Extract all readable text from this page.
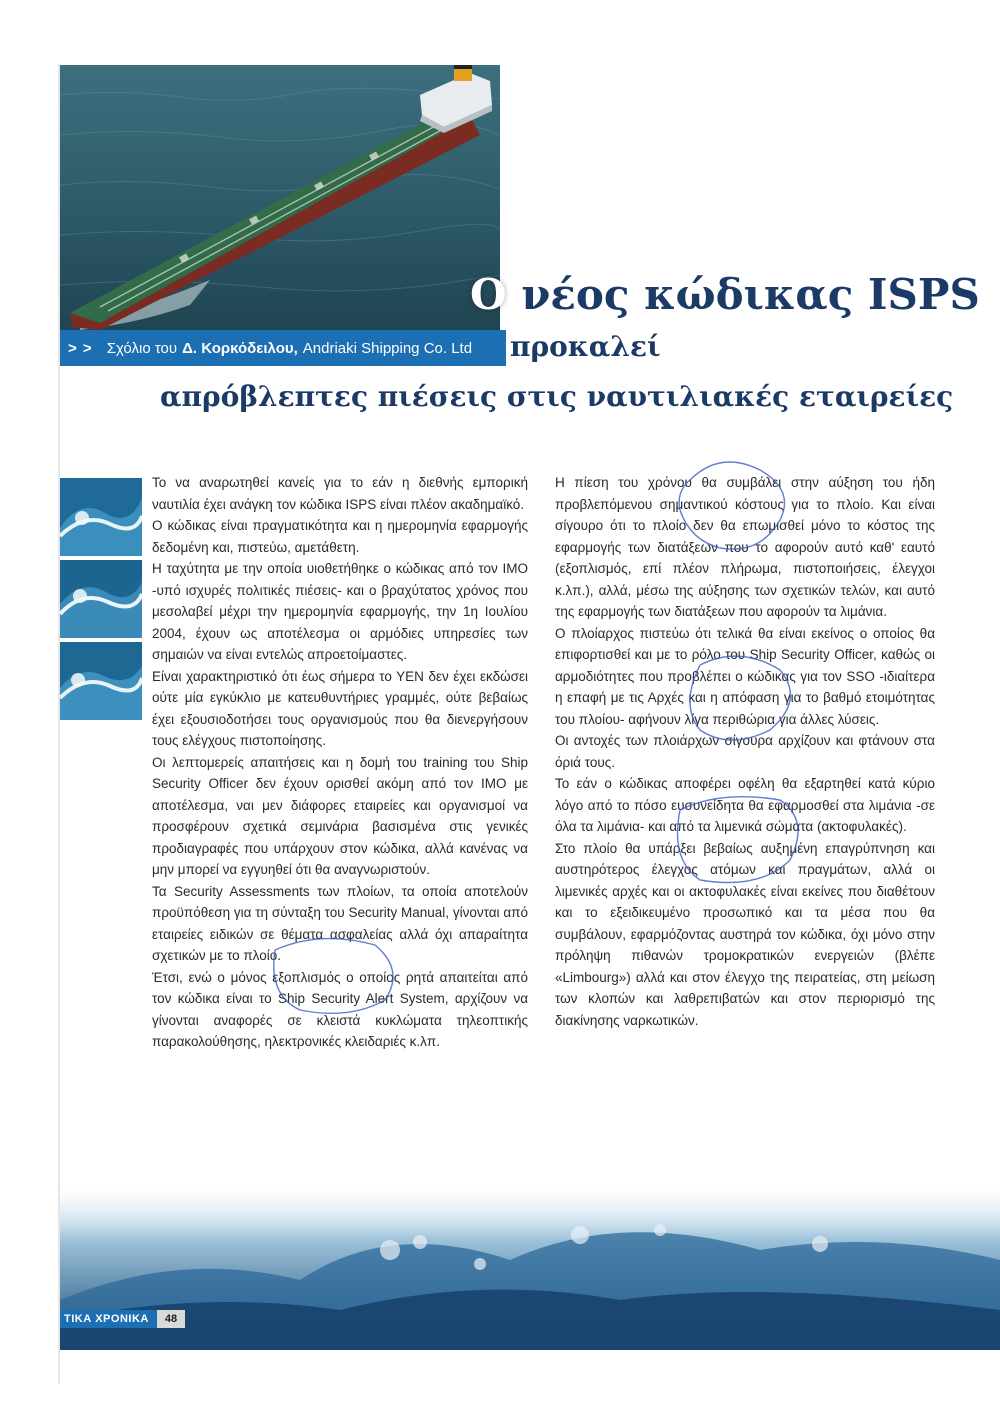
Ο νέος κώδικας ISPS
> > Σχόλιο του Δ. Κορκόδειλου, Andriaki Shipping Co. Ltd προκαλεί
απρόβλεπτες πιέσεις στις ναυτιλιακές εταιρείες

Το να αναρωτηθεί κανείς για το εάν η διεθνής εμπορική ναυτιλία έχει ανάγκη τον κώδικα ISPS είναι πλέον ακαδημαϊκό.

Ο κώδικας είναι πραγματικότητα και η ημερομηνία εφαρμογής δεδομένη και, πιστεύω, αμετάθετη.

Η ταχύτητα με την οποία υιοθετήθηκε ο κώδικας από τον IMO -υπό ισχυρές πολιτικές πιέσεις- και ο βραχύτατος χρόνος που μεσολαβεί μέχρι την ημερομηνία εφαρμογής, την 1η Ιουλίου 2004, έχουν ως αποτέλεσμα οι αρμόδιες υπηρεσίες των σημαιών να είναι εντελώς απροετοίμαστες.

Είναι χαρακτηριστικό ότι έως σήμερα το ΥΕΝ δεν έχει εκδώσει ούτε μία εγκύκλιο με κατευθυντήριες γραμμές, ούτε βεβαίως έχει εξουσιοδοτήσει τους οργανισμούς που θα διενεργήσουν τους ελέγχους πιστοποίησης.

Οι λεπτομερείς απαιτήσεις και η δομή του training του Ship Security Officer δεν έχουν ορισθεί ακόμη από τον IMO με αποτέλεσμα, ναι μεν διάφορες εταιρείες και οργανισμοί να προσφέρουν σχετικά σεμινάρια βασισμένα στις γενικές προδιαγραφές που υπάρχουν στον κώδικα, αλλά κανένας να μην μπορεί να εγγυηθεί ότι θα αναγνωριστούν.

Τα Security Assessments των πλοίων, τα οποία αποτελούν προϋπόθεση για τη σύνταξη του Security Manual, γίνονται από εταιρείες ειδικών σε θέματα ασφαλείας αλλά όχι απαραίτητα σχετικών με το πλοίο.

Έτσι, ενώ ο μόνος εξοπλισμός ο οποίος ρητά απαιτείται από τον κώδικα είναι το Ship Security Alert System, αρχίζουν να γίνονται αναφορές σε κλειστά κυκλώματα τηλεοπτικής παρακολούθησης, ηλεκτρονικές κλειδαριές κ.λπ.

Η πίεση του χρόνου θα συμβάλει στην αύξηση του ήδη προβλεπόμενου σημαντικού κόστους για το πλοίο. Και είναι σίγουρο ότι το πλοίο δεν θα επωμισθεί μόνο το κόστος της εφαρμογής των διατάξεων που το αφορούν αυτό καθ' εαυτό (εξοπλισμός, επί πλέον πλήρωμα, πιστοποιήσεις, έλεγχοι κ.λπ.), αλλά, μέσω της αύξησης των σχετικών τελών, και αυτό της εφαρμογής των διατάξεων που αφορούν τα λιμάνια.

Ο πλοίαρχος πιστεύω ότι τελικά θα είναι εκείνος ο οποίος θα επιφορτισθεί και με το ρόλο του Ship Security Officer, καθώς οι αρμοδιότητες που προβλέπει ο κώδικας για τον SSO -ιδιαίτερα η επαφή με τις Αρχές και η απόφαση για το βαθμό ετοιμότητας του πλοίου- αφήνουν λίγα περιθώρια για άλλες λύσεις.

Οι αντοχές των πλοιάρχων σίγουρα αρχίζουν και φτάνουν στα όριά τους.

Το εάν ο κώδικας αποφέρει οφέλη θα εξαρτηθεί κατά κύριο λόγο από το πόσο ευσυνείδητα θα εφαρμοσθεί στα λιμάνια -σε όλα τα λιμάνια- και από τα λιμενικά σώματα (ακτοφυλακές).

Στο πλοίο θα υπάρξει βεβαίως αυξημένη επαγρύπνηση και αυστηρότερος έλεγχος ατόμων και πραγμάτων, αλλά οι λιμενικές αρχές και οι ακτοφυλακές είναι εκείνες που διαθέτουν και το εξειδικευμένο προσωπικό και τα μέσα που θα συμβάλουν, εφαρμόζοντας αυστηρά τον κώδικα, όχι μόνο στην πρόληψη πιθανών τρομοκρατικών ενεργειών (βλέπε «Limbourg») αλλά και στον έλεγχο της πειρατείας, στη μείωση των κλοπών και λαθρεπιβατών και στον περιορισμό της διακίνησης ναρκωτικών.

ΤΙΚΑ ΧΡΟΝΙΚΑ	48
